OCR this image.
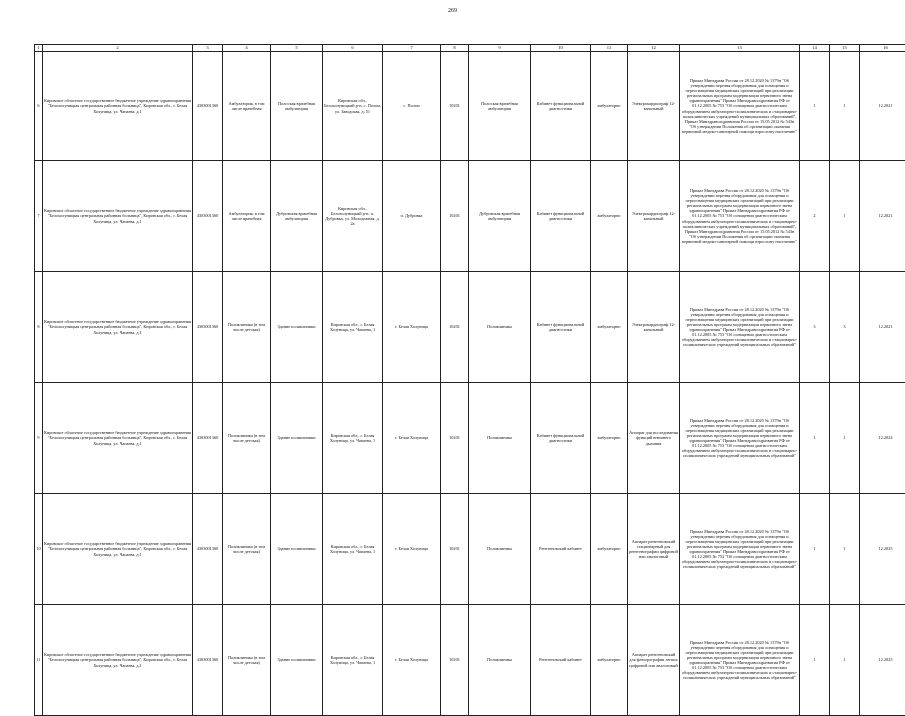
269
1	2	3	4	5	6	7	8	9	10	11	12	13	14	15	16
6	Кировское областное государственное бюджетное учреждение здравоохранения "Белохолуницкая центральная районная больница", Кировская обл., г. Белая Холуница, ул. Чапаева, д.1	4303001360	Амбулатория, в том числе врачебная	Полоская врачебная амбулатория	Кировская обл., Белохолуницкий р-н, с. Полом, ул. Заводская, д. 51	с. Полом	10201	Полоская врачебная амбулатория	Кабинет функциональной диагностики	амбулаторно	Электрокардиограф 12-канальный	Приказ Минздрава России от 28.12.2020 № 1379н "Об утверждении перечня оборудования для оснащения и переоснащения медицинских организаций при реализации региональных программ модернизации первичного звена здравоохранения" Приказ Минздравсоцразвития РФ от 01.12.2005 № 753 "Об оснащении диагностическим оборудованием амбулаторно-поликлинических и стационарно-поликлинических учреждений муниципальных образований", Приказ Минздравсоцразвития России от 15.05.2012 № 543н "Об утверждении Положения об организации оказания первичной медико-санитарной помощи взрослому населению"	1	1	12.2021
7	Кировское областное государственное бюджетное учреждение здравоохранения "Белохолуницкая центральная районная больница", Кировская обл., г. Белая Холуница, ул. Чапаева, д.1	4303001360	Амбулатория, в том числе врачебная	Дубровская врачебная амбулатория	Кировская обл., Белохолуницкий р-н, п. Дубровка, ул. Молодежная, д. 2а	п. Дубровка	10201	Дубровская врачебная амбулатория	Кабинет функциональной диагностики	амбулаторно	Электрокардиограф 12-канальный	Приказ Минздрава России от 28.12.2020 № 1379н "Об утверждении перечня оборудования для оснащения и переоснащения медицинских организаций при реализации региональных программ модернизации первичного звена здравоохранения" Приказ Минздравсоцразвития РФ от 01.12.2005 № 753 "Об оснащении диагностическим оборудованием амбулаторно-поликлинических и стационарно-поликлинических учреждений муниципальных образований", Приказ Минздравсоцразвития России от 15.05.2012 № 543н "Об утверждении Положения об организации оказания первичной медико-санитарной помощи взрослому населению"	2	1	12.2021
8	Кировское областное государственное бюджетное учреждение здравоохранения "Белохолуницкая центральная районная больница", Кировская обл., г. Белая Холуница, ул. Чапаева, д.1	4303001360	Поликлиника (в том числе детская)	Здание поликлиники	Кировская обл., г. Белая Холуница, ул. Чапаева, 1	г. Белая Холуница	10201	Поликлиника	Кабинет функциональной диагностики	амбулаторно	Электрокардиограф 12-канальный	Приказ Минздрава России от 28.12.2020 № 1379н "Об утверждении перечня оборудования для оснащения и переоснащения медицинских организаций при реализации региональных программ модернизации первичного звена здравоохранения" Приказ Минздравсоцразвития РФ от 01.12.2005 № 753 "Об оснащении диагностическим оборудованием амбулаторно-поликлинических и стационарно-поликлинических учреждений муниципальных образований"	3	3	12.2021
9	Кировское областное государственное бюджетное учреждение здравоохранения "Белохолуницкая центральная районная больница", Кировская обл., г. Белая Холуница, ул. Чапаева, д.1	4303001360	Поликлиника (в том числе детская)	Здание поликлиники	Кировская обл., г. Белая Холуница, ул. Чапаева, 1	г. Белая Холуница	10201	Поликлиника	Кабинет функциональной диагностики	амбулаторно	Аппарат для исследования функций внешнего дыхания	Приказ Минздрава России от 28.12.2020 № 1379н "Об утверждении перечня оборудования для оснащения и переоснащения медицинских организаций при реализации региональных программ модернизации первичного звена здравоохранения" Приказ Минздравсоцразвития РФ от 01.12.2005 № 753 "Об оснащении диагностическим оборудованием амбулаторно-поликлинических и стационарно-поликлинических учреждений муниципальных образований"	1	1	12.2024
10	Кировское областное государственное бюджетное учреждение здравоохранения "Белохолуницкая центральная районная больница", Кировская обл., г. Белая Холуница, ул. Чапаева, д.1	4303001360	Поликлиника (в том числе детская)	Здание поликлиники	Кировская обл., г. Белая Холуница, ул. Чапаева, 1	г. Белая Холуница	10201	Поликлиника	Рентгеновский кабинет	амбулаторно	Аппарат рентгеновский стационарный для рентгенографии цифровой или аналоговый	Приказ Минздрава России от 28.12.2020 № 1379н "Об утверждении перечня оборудования для оснащения и переоснащения медицинских организаций при реализации региональных программ модернизации первичного звена здравоохранения" Приказ Минздравсоцразвития РФ от 01.12.2005 № 753 "Об оснащении диагностическим оборудованием амбулаторно-поликлинических и стационарно-поликлинических учреждений муниципальных образований"	1	1	12.2025
11	Кировское областное государственное бюджетное учреждение здравоохранения "Белохолуницкая центральная районная больница", Кировская обл., г. Белая Холуница, ул. Чапаева, д.1	4303001360	Поликлиника (в том числе детская)	Здание поликлиники	Кировская обл., г. Белая Холуница, ул. Чапаева, 1	г. Белая Холуница	10201	Поликлиника	Рентгеновский кабинет	амбулаторно	Аппарат рентгеновский для флюорографии легких цифровой или аналоговый	Приказ Минздрава России от 28.12.2020 № 1379н "Об утверждении перечня оборудования для оснащения и переоснащения медицинских организаций при реализации региональных программ модернизации первичного звена здравоохранения" Приказ Минздравсоцразвития РФ от 01.12.2005 № 753 "Об оснащении диагностическим оборудованием амбулаторно-поликлинических и стационарно-поликлинических учреждений муниципальных образований"	1	1	12.2025
